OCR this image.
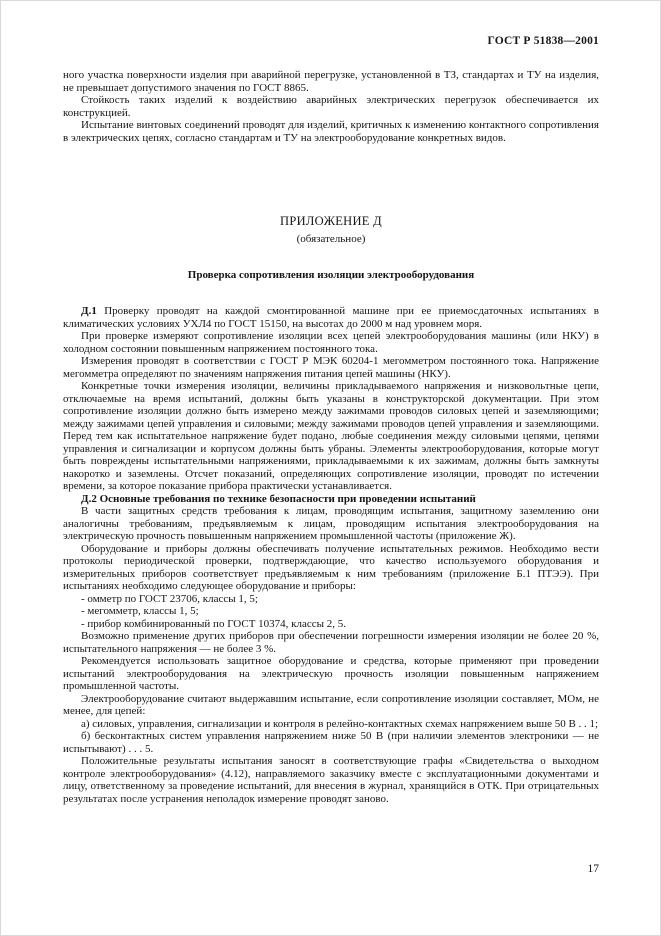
ГОСТ Р 51838—2001

ного участка поверхности изделия при аварийной перегрузке, установленной в ТЗ, стандартах и ТУ на изделия, не превышает допустимого значения по ГОСТ 8865.

Стойкость таких изделий к воздействию аварийных электрических перегрузок обеспечивается их конструкцией.

Испытание винтовых соединений проводят для изделий, критичных к изменению контактного сопротивления в электрических цепях, согласно стандартам и ТУ на электрооборудование конкретных видов.

ПРИЛОЖЕНИЕ Д
(обязательное)
Проверка сопротивления изоляции электрооборудования

Д.1 Проверку проводят на каждой смонтированной машине при ее приемосдаточных испытаниях в климатических условиях УХЛ4 по ГОСТ 15150, на высотах до 2000 м над уровнем моря.

При проверке измеряют сопротивление изоляции всех цепей электрооборудования машины (или НКУ) в холодном состоянии повышенным напряжением постоянного тока.

Измерения проводят в соответствии с ГОСТ Р МЭК 60204-1 мегомметром постоянного тока. Напряжение мегомметра определяют по значениям напряжения питания цепей машины (НКУ).

Конкретные точки измерения изоляции, величины прикладываемого напряжения и низковольтные цепи, отключаемые на время испытаний, должны быть указаны в конструкторской документации. При этом сопротивление изоляции должно быть измерено между зажимами проводов силовых цепей и заземляющими; между зажимами цепей управления и силовыми; между зажимами проводов цепей управления и заземляющими. Перед тем как испытательное напряжение будет подано, любые соединения между силовыми цепями, цепями управления и сигнализации и корпусом должны быть убраны. Элементы электрооборудования, которые могут быть повреждены испытательными напряжениями, прикладываемыми к их зажимам, должны быть замкнуты накоротко и заземлены. Отсчет показаний, определяющих сопротивление изоляции, проводят по истечении времени, за которое показание прибора практически устанавливается.

Д.2 Основные требования по технике безопасности при проведении испытаний

В части защитных средств требования к лицам, проводящим испытания, защитному заземлению они аналогичны требованиям, предъявляемым к лицам, проводящим испытания электрооборудования на электрическую прочность повышенным напряжением промышленной частоты (приложение Ж).

Оборудование и приборы должны обеспечивать получение испытательных режимов. Необходимо вести протоколы периодической проверки, подтверждающие, что качество используемого оборудования и измерительных приборов соответствует предъявляемым к ним требованиям (приложение Б.1 ПТЭЭ). При испытаниях необходимо следующее оборудование и приборы:

- омметр по ГОСТ 23706, классы 1, 5;

- мегомметр, классы 1, 5;

- прибор комбинированный по ГОСТ 10374, классы 2, 5.

Возможно применение других приборов при обеспечении погрешности измерения изоляции не более 20 %, испытательного напряжения — не более 3 %.

Рекомендуется использовать защитное оборудование и средства, которые применяют при проведении испытаний электрооборудования на электрическую прочность изоляции повышенным напряжением промышленной частоты.

Электрооборудование считают выдержавшим испытание, если сопротивление изоляции составляет, МОм, не менее, для цепей:

а) силовых, управления, сигнализации и контроля в релейно-контактных схемах напряжением выше 50 В . . 1;

б) бесконтактных систем управления напряжением ниже 50 В (при наличии элементов электроники — не испытывают) . . . 5.

Положительные результаты испытания заносят в соответствующие графы «Свидетельства о выходном контроле электрооборудования» (4.12), направляемого заказчику вместе с эксплуатационными документами и лицу, ответственному за проведение испытаний, для внесения в журнал, хранящийся в ОТК. При отрицательных результатах после устранения неполадок измерение проводят заново.

17
